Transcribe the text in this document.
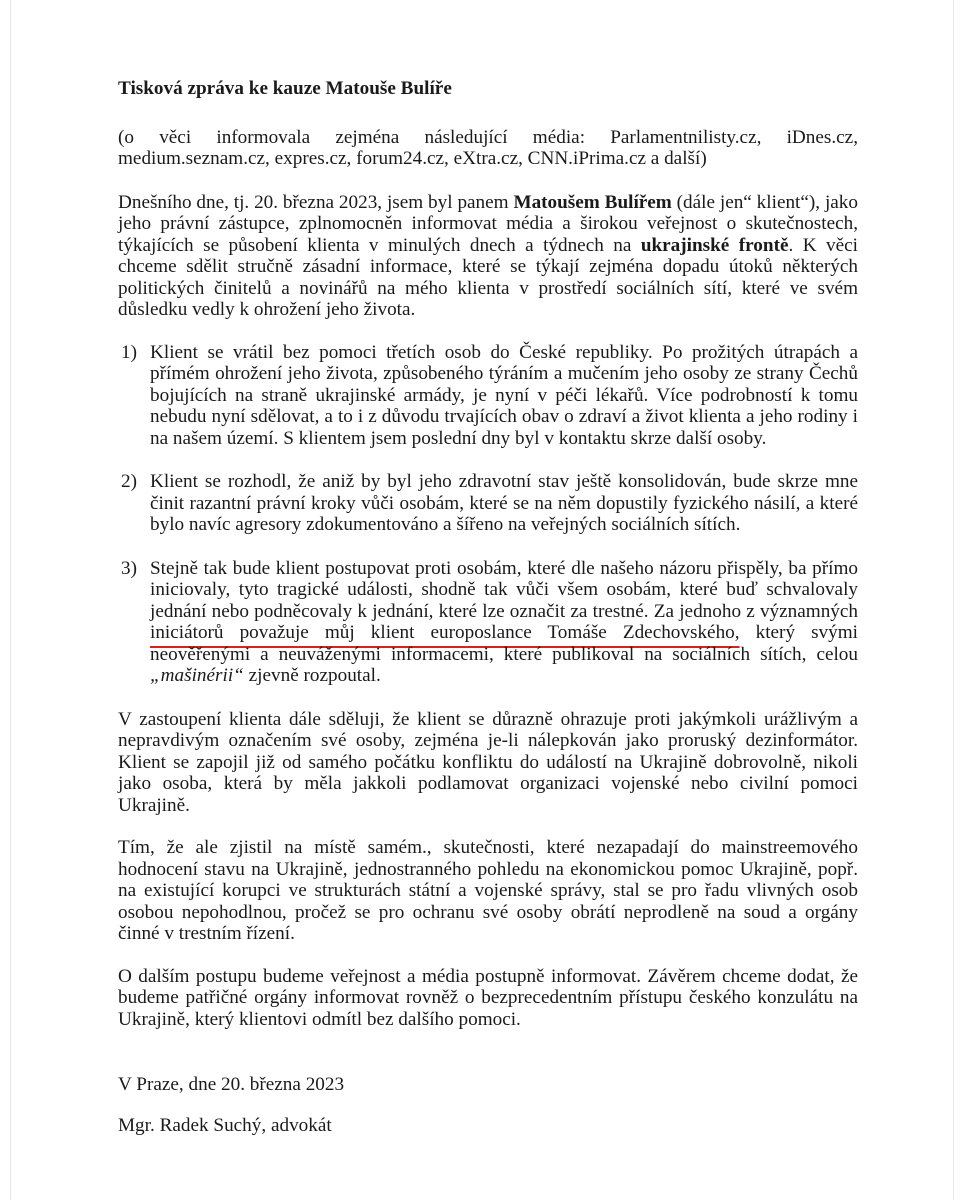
Tisková zpráva ke kauze Matouše Bulíře

(o věci informovala zejména následující média: Parlamentnilisty.cz, iDnes.cz, medium.seznam.cz, expres.cz, forum24.cz, eXtra.cz, CNN.iPrima.cz a další)

Dnešního dne, tj. 20. března 2023, jsem byl panem Matoušem Bulířem (dále jen“ klient“), jako jeho právní zástupce, zplnomocněn informovat média a širokou veřejnost o skutečnostech, týkajících se působení klienta v minulých dnech a týdnech na ukrajinské frontě. K věci chceme sdělit stručně zásadní informace, které se týkají zejména dopadu útoků některých politických činitelů a novinářů na mého klienta v prostředí sociálních sítí, které ve svém důsledku vedly k ohrožení jeho života.

1) Klient se vrátil bez pomoci třetích osob do České republiky. Po prožitých útrapách a přímém ohrožení jeho života, způsobeného týráním a mučením jeho osoby ze strany Čechů bojujících na straně ukrajinské armády, je nyní v péči lékařů. Více podrobností k tomu nebudu nyní sdělovat, a to i z důvodu trvajících obav o zdraví a život klienta a jeho rodiny i na našem území. S klientem jsem poslední dny byl v kontaktu skrze další osoby.
2) Klient se rozhodl, že aniž by byl jeho zdravotní stav ještě konsolidován, bude skrze mne činit razantní právní kroky vůči osobám, které se na něm dopustily fyzického násilí, a které bylo navíc agresory zdokumentováno a šířeno na veřejných sociálních sítích.
3) Stejně tak bude klient postupovat proti osobám, které dle našeho názoru přispěly, ba přímo iniciovaly, tyto tragické události, shodně tak vůči všem osobám, které buď schvalovaly jednání nebo podněcovaly k jednání, které lze označit za trestné. Za jednoho z významných iniciátorů považuje můj klient europoslance Tomáše Zdechovského, který svými neověřenými a neuváženými informacemi, které publikoval na sociálních sítích, celou „mašinérii“ zjevně rozpoutal.

V zastoupení klienta dále sděluji, že klient se důrazně ohrazuje proti jakýmkoli urážlivým a nepravdivým označením své osoby, zejména je-li nálepkován jako proruský dezinformátor. Klient se zapojil již od samého počátku konfliktu do událostí na Ukrajině dobrovolně, nikoli jako osoba, která by měla jakkoli podlamovat organizaci vojenské nebo civilní pomoci Ukrajině.

Tím, že ale zjistil na místě samém., skutečnosti, které nezapadají do mainstreemového hodnocení stavu na Ukrajině, jednostranného pohledu na ekonomickou pomoc Ukrajině, popř. na existující korupci ve strukturách státní a vojenské správy, stal se pro řadu vlivných osob osobou nepohodlnou, pročež se pro ochranu své osoby obrátí neprodleně na soud a orgány činné v trestním řízení.

O dalším postupu budeme veřejnost a média postupně informovat. Závěrem chceme dodat, že budeme patřičné orgány informovat rovněž o bezprecedentním přístupu českého konzulátu na Ukrajině, který klientovi odmítl bez dalšího pomoci.

V Praze, dne 20. března 2023

Mgr. Radek Suchý, advokát
